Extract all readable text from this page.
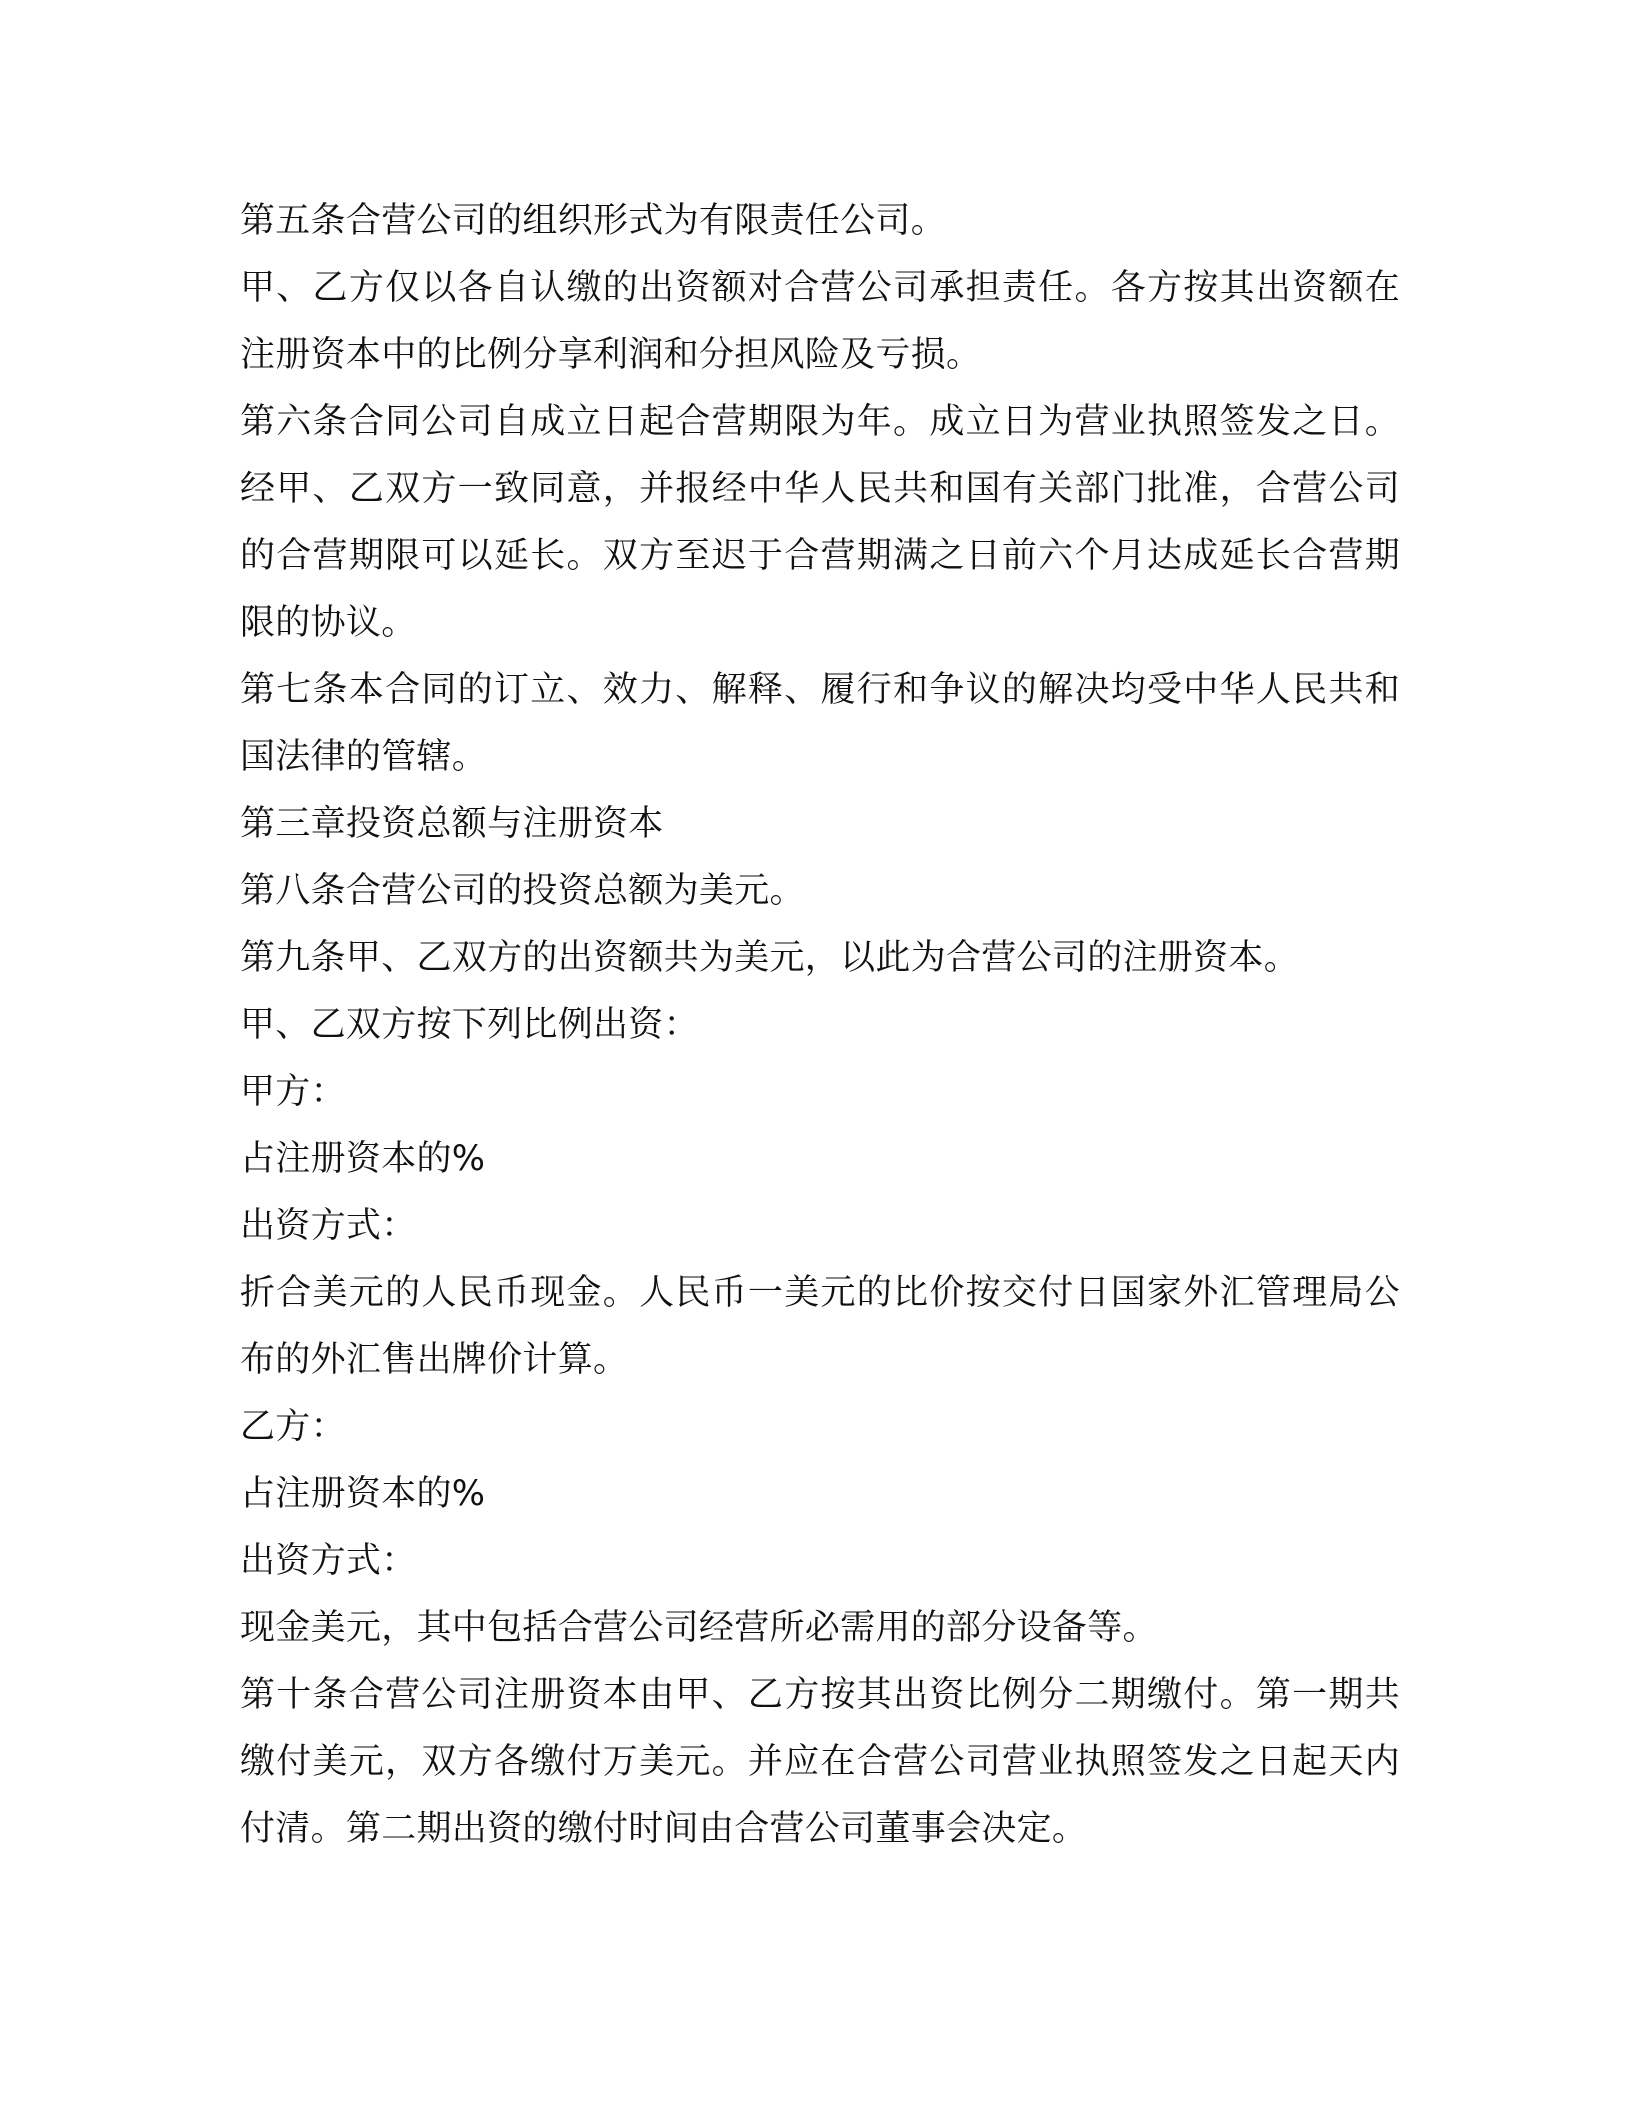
第五条合营公司的组织形式为有限责任公司。

甲、乙方仅以各自认缴的出资额对合营公司承担责任。各方按其出资额在注册资本中的比例分享利润和分担风险及亏损。

第六条合同公司自成立日起合营期限为年。成立日为营业执照签发之日。经甲、乙双方一致同意，并报经中华人民共和国有关部门批准，合营公司的合营期限可以延长。双方至迟于合营期满之日前六个月达成延长合营期限的协议。

第七条本合同的订立、效力、解释、履行和争议的解决均受中华人民共和国法律的管辖。

第三章投资总额与注册资本

第八条合营公司的投资总额为美元。

第九条甲、乙双方的出资额共为美元，以此为合营公司的注册资本。

甲、乙双方按下列比例出资：

甲方：

占注册资本的%

出资方式：

折合美元的人民币现金。人民币一美元的比价按交付日国家外汇管理局公布的外汇售出牌价计算。

乙方：

占注册资本的%

出资方式：

现金美元，其中包括合营公司经营所必需用的部分设备等。

第十条合营公司注册资本由甲、乙方按其出资比例分二期缴付。第一期共缴付美元，双方各缴付万美元。并应在合营公司营业执照签发之日起天内付清。第二期出资的缴付时间由合营公司董事会决定。
